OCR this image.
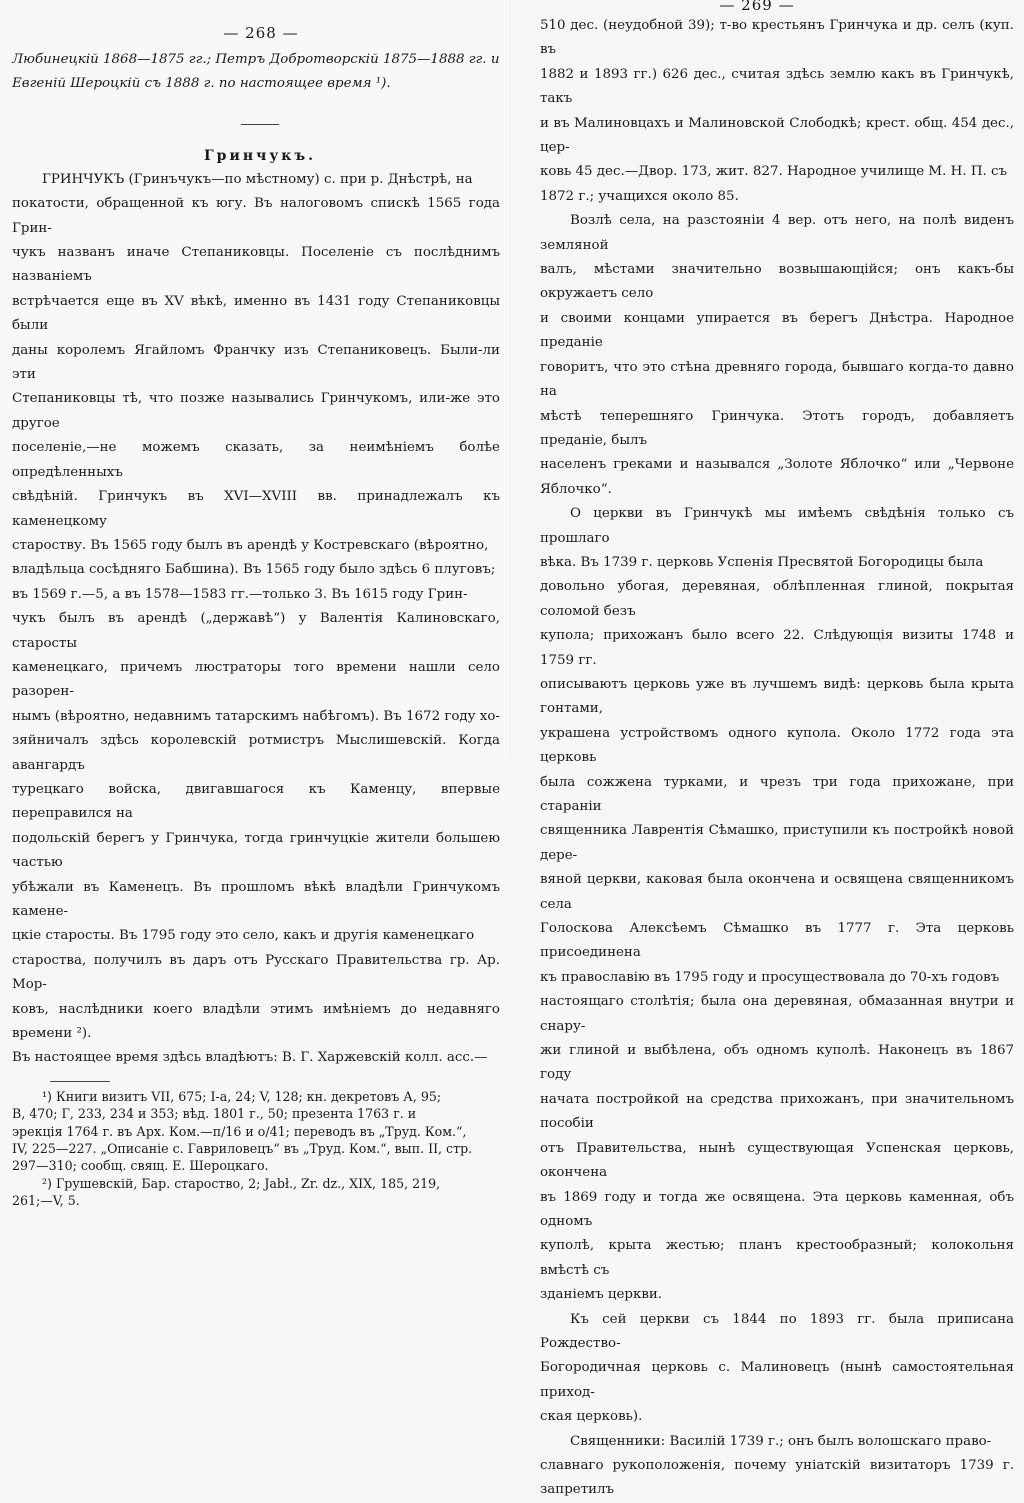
— 268 —

Любинецкій 1868—1875 гг.; Петръ Добротворскій 1875—1888 гг. и

Евгеній Шероцкій съ 1888 г. по настоящее время ¹).

Гринчукъ.

ГРИНЧУКЪ (Гринъчукъ—по мѣстному) с. при р. Днѣстрѣ, на

покатости, обращенной къ югу. Въ налоговомъ спискѣ 1565 года Грин-

чукъ названъ иначе Степаниковцы. Поселеніе съ послѣднимъ названіемъ

встрѣчается еще въ XV вѣкѣ, именно въ 1431 году Степаниковцы были

даны королемъ Ягайломъ Франчку изъ Степаниковецъ. Были-ли эти

Степаниковцы тѣ, что позже назывались Гринчукомъ, или-же это другое

поселеніе,—не можемъ сказать, за неимѣніемъ болѣе опредѣленныхъ

свѣдѣній. Гринчукъ въ XVI—XVIII вв. принадлежалъ къ каменецкому

староству. Въ 1565 году былъ въ арендѣ у Костревскаго (вѣроятно,

владѣльца сосѣдняго Бабшина). Въ 1565 году было здѣсь 6 плуговъ;

въ 1569 г.—5, а въ 1578—1583 гг.—только 3. Въ 1615 году Грин-

чукъ былъ въ арендѣ („державѣ“) у Валентія Калиновскаго, старосты

каменецкаго, причемъ люстраторы того времени нашли село разорен-

нымъ (вѣроятно, недавнимъ татарскимъ набѣгомъ). Въ 1672 году хо-

зяйничалъ здѣсь королевскій ротмистръ Мыслишевскій. Когда авангардъ

турецкаго войска, двигавшагося къ Каменцу, впервые переправился на

подольскій берегъ у Гринчука, тогда гринчуцкіе жители большею частью

убѣжали въ Каменецъ. Въ прошломъ вѣкѣ владѣли Гринчукомъ камене-

цкіе старосты. Въ 1795 году это село, какъ и другія каменецкаго

староства, получилъ въ даръ отъ Русскаго Правительства гр. Ар. Мор-

ковъ, наслѣдники коего владѣли этимъ имѣніемъ до недавняго времени ²).

Въ настоящее время здѣсь владѣютъ: В. Г. Харжевскій колл. асс.—

¹) Книги визитъ VII, 675; I-а, 24; V, 128; кн. декретовъ А, 95;

В, 470; Г, 233, 234 и 353; вѣд. 1801 г., 50; презента 1763 г. и

эрекція 1764 г. въ Арх. Ком.—п/16 и о/41; переводъ въ „Труд. Ком.“,

IV, 225—227. „Описаніе с. Гавриловецъ“ въ „Труд. Ком.“, вып. II, стр.

297—310; сообщ. свящ. Е. Шероцкаго.

²) Грушевскій, Бар. староство, 2; Jabł., Zr. dz., XIX, 185, 219,

261;—V, 5.

— 269 —

510 дес. (неудобной 39); т-во крестьянъ Гринчука и др. селъ (куп. въ

1882 и 1893 гг.) 626 дес., считая здѣсь землю какъ въ Гринчукѣ, такъ

и въ Малиновцахъ и Малиновской Слободкѣ; крест. общ. 454 дес., цер-

ковь 45 дес.—Двор. 173, жит. 827. Народное училище М. Н. П. съ

1872 г.; учащихся около 85.

Возлѣ села, на разстояніи 4 вер. отъ него, на полѣ виденъ земляной

валъ, мѣстами значительно возвышающійся; онъ какъ-бы окружаетъ село

и своими концами упирается въ берегъ Днѣстра. Народное преданіе

говоритъ, что это стѣна древняго города, бывшаго когда-то давно на

мѣстѣ теперешняго Гринчука. Этотъ городъ, добавляетъ преданіе, былъ

населенъ греками и назывался „Золоте Яблочко“ или „Червоне Яблочко“.

О церкви въ Гринчукѣ мы имѣемъ свѣдѣнія только съ прошлаго

вѣка. Въ 1739 г. церковь Успенія Пресвятой Богородицы была

довольно убогая, деревяная, облѣпленная глиной, покрытая соломой безъ

купола; прихожанъ было всего 22. Слѣдующія визиты 1748 и 1759 гг.

описываютъ церковь уже въ лучшемъ видѣ: церковь была крыта гонтами,

украшена устройствомъ одного купола. Около 1772 года эта церковь

была сожжена турками, и чрезъ три года прихожане, при стараніи

священника Лаврентія Сѣмашко, приступили къ постройкѣ новой дере-

вяной церкви, каковая была окончена и освящена священникомъ села

Голоскова Алексѣемъ Сѣмашко въ 1777 г. Эта церковь присоединена

къ православію въ 1795 году и просуществовала до 70-хъ годовъ

настоящаго столѣтія; была она деревяная, обмазанная внутри и снару-

жи глиной и выбѣлена, объ одномъ куполѣ. Наконецъ въ 1867 году

начата постройкой на средства прихожанъ, при значительномъ пособіи

отъ Правительства, нынѣ существующая Успенская церковь, окончена

въ 1869 году и тогда же освящена. Эта церковь каменная, объ одномъ

куполѣ, крыта жестью; планъ крестообразный; колокольня вмѣстѣ съ

зданіемъ церкви.

Къ сей церкви съ 1844 по 1893 гг. была приписана Рождество-

Богородичная церковь с. Малиновецъ (нынѣ самостоятельная приход-

ская церковь).

Священники: Василій 1739 г.; онъ былъ волошскаго право-

славнаго рукоположенія, почему уніатскій визитаторъ 1739 г. запретилъ
